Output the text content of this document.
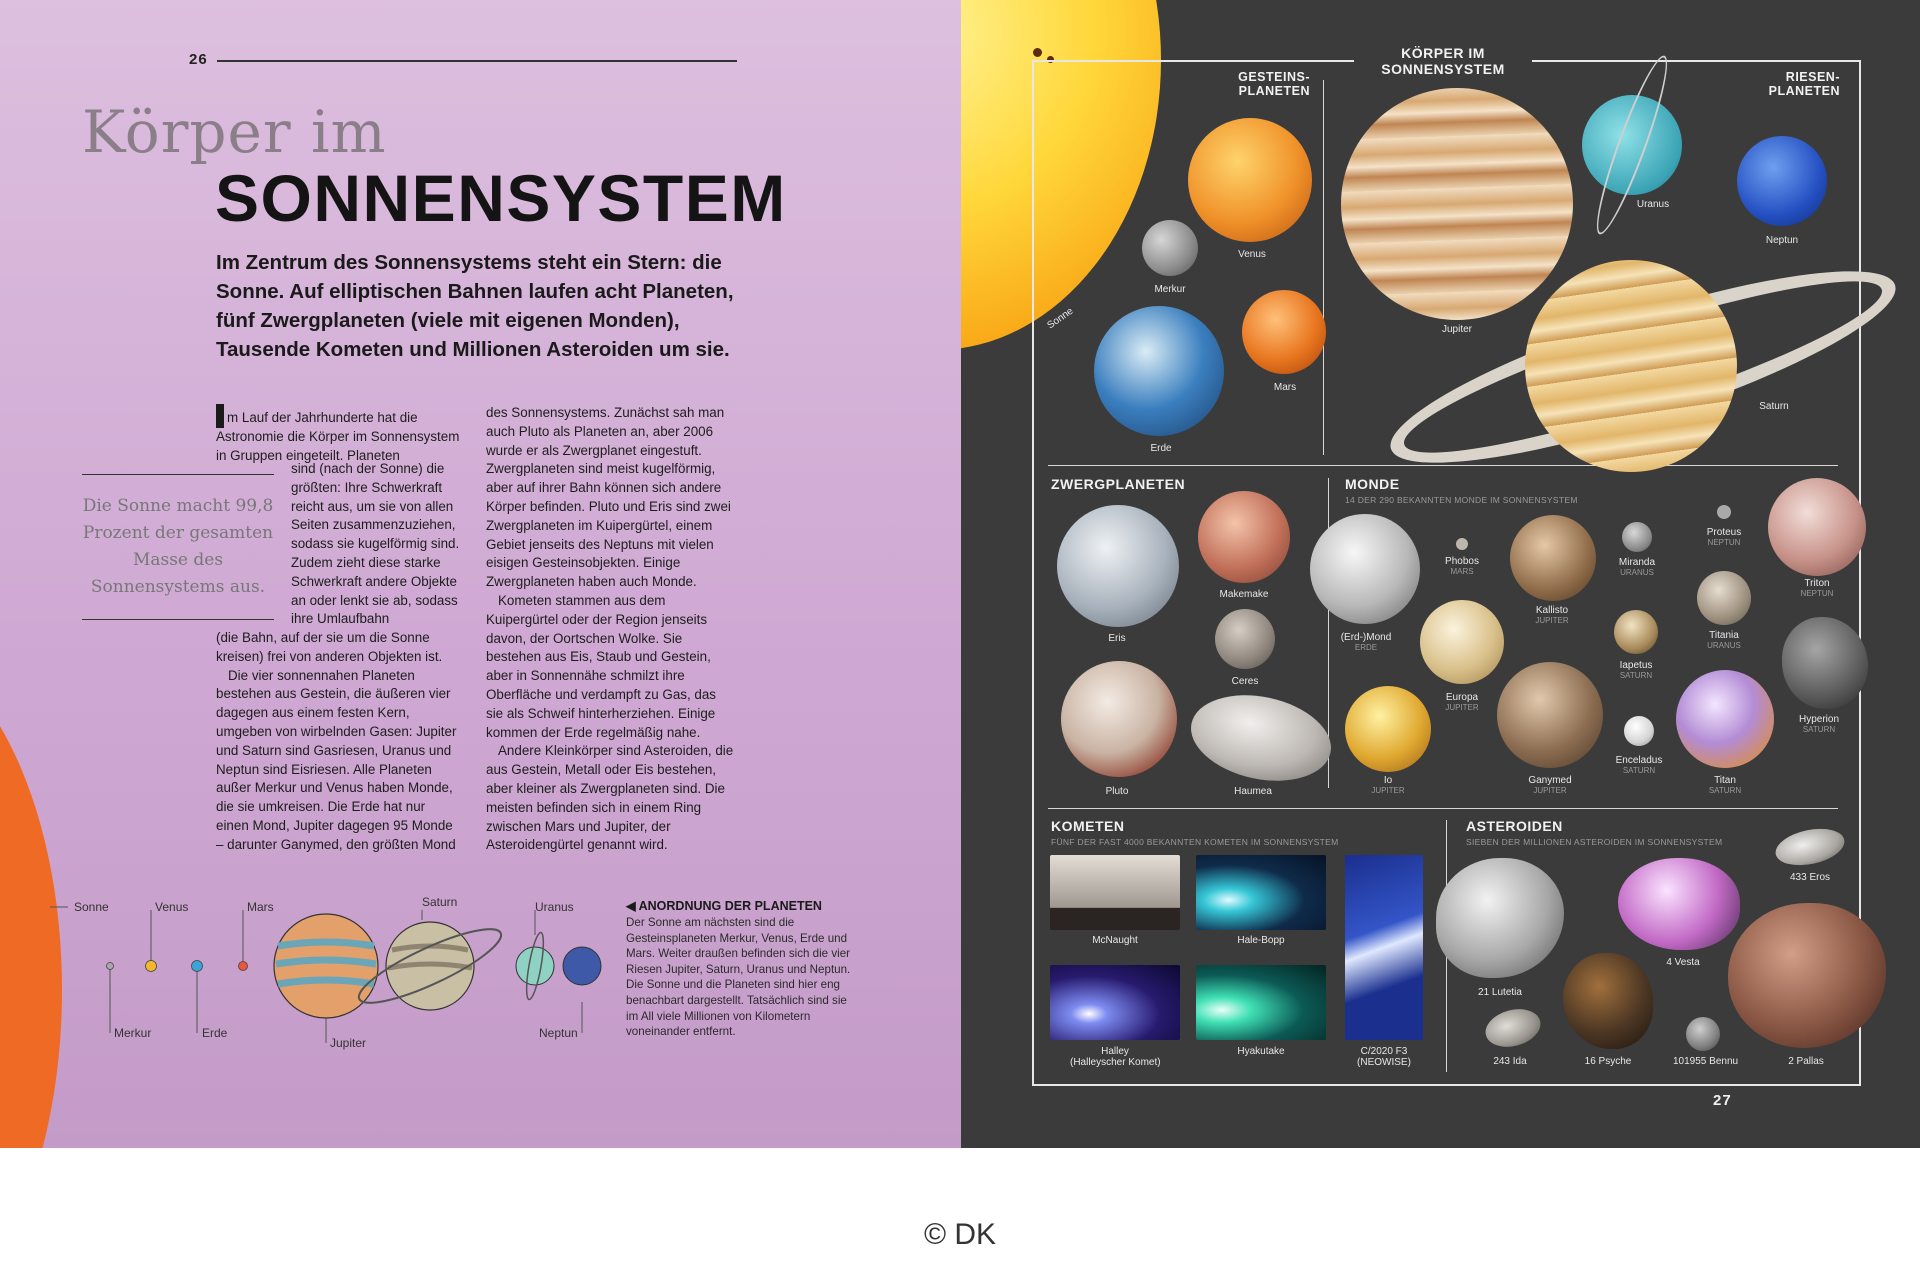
26
Körper im
SONNENSYSTEM
Im Zentrum des Sonnensystems steht ein Stern: die Sonne. Auf elliptischen Bahnen laufen acht Planeten, fünf Zwergplaneten (viele mit eigenen Monden), Tausende Kometen und Millionen Asteroiden um sie.
m Lauf der Jahrhunderte hat die Astronomie die Körper im Sonnensystem in Gruppen eingeteilt. Planeten
sind (nach der Sonne) die größten: Ihre Schwerkraft reicht aus, um sie von allen Seiten zusammenzuziehen, sodass sie kugelförmig sind. Zudem zieht diese starke Schwerkraft andere Objekte an oder lenkt sie ab, sodass ihre Umlaufbahn

(die Bahn, auf der sie um die Sonne kreisen) frei von anderen Objekten ist.

Die vier sonnennahen Planeten bestehen aus Gestein, die äußeren vier dagegen aus einem festen Kern, umgeben von wirbelnden Gasen: Jupiter und Saturn sind Gasriesen, Uranus und Neptun sind Eisriesen. Alle Planeten außer Merkur und Venus haben Monde, die sie umkreisen. Die Erde hat nur einen Mond, Jupiter dagegen 95 Monde – darunter Ganymed, den größten Mond

des Sonnensystems. Zunächst sah man auch Pluto als Planeten an, aber 2006 wurde er als Zwergplanet eingestuft. Zwergplaneten sind meist kugelförmig, aber auf ihrer Bahn können sich andere Körper befinden. Pluto und Eris sind zwei Zwergplaneten im Kuipergürtel, einem Gebiet jenseits des Neptuns mit vielen eisigen Gesteinsobjekten. Einige Zwergplaneten haben auch Monde.

Kometen stammen aus dem Kuipergürtel oder der Region jenseits davon, der Oortschen Wolke. Sie bestehen aus Eis, Staub und Gestein, aber in Sonnennähe schmilzt ihre Oberfläche und verdampft zu Gas, das sie als Schweif hinterherziehen. Einige kommen der Erde regelmäßig nahe.

Andere Kleinkörper sind Asteroiden, die aus Gestein, Metall oder Eis bestehen, aber kleiner als Zwergplaneten sind. Die meisten befinden sich in einem Ring zwischen Mars und Jupiter, der Asteroidengürtel genannt wird.

Die Sonne macht 99,8 Prozent der gesamten Masse des Sonnensystems aus.
Sonne
Merkur
Venus
Erde
Mars
Jupiter
Saturn	Uranus
Neptun
◀ ANORDNUNG DER PLANETEN
Der Sonne am nächsten sind die Gesteinsplaneten Merkur, Venus, Erde und Mars. Weiter draußen befinden sich die vier Riesen Jupiter, Saturn, Uranus und Neptun. Die Sonne und die Planeten sind hier eng benachbart dargestellt. Tatsächlich sind sie im All viele Millionen von Kilometern voneinander entfernt.
Sonne
KÖRPER IM
SONNENSYSTEM
GESTEINS-
PLANETEN
RIESEN-
PLANETEN
ZWERGPLANETEN	MONDE
14 DER 290 BEKANNTEN MONDE IM SONNENSYSTEM
KOMETEN
FÜNF DER FAST 4000 BEKANNTEN KOMETEN IM SONNENSYSTEM
ASTEROIDEN
SIEBEN DER MILLIONEN ASTEROIDEN IM SONNENSYSTEM
Merkur
Venus
Erde
Mars
Jupiter
Uranus
Neptun
Saturn
Eris
Makemake
Ceres
Pluto	Haumea
(Erd-)Mond
ERDE
Phobos
MARS
Kallisto
JUPITER
Miranda
URANUS
Proteus
NEPTUN
Triton
NEPTUN
Europa
JUPITER
Iapetus
SATURN
Titania
URANUS
Hyperion
SATURN
Io
JUPITER
Ganymed
JUPITER
Enceladus
SATURN
Titan
SATURN
McNaught	Hale-Bopp
C/2020 F3
(NEOWISE)
Halley
(Halleyscher Komet)
Hyakutake
21 Lutetia
4 Vesta
433 Eros
243 Ida	16 Psyche	101955 Bennu	2 Pallas
27
© DK
